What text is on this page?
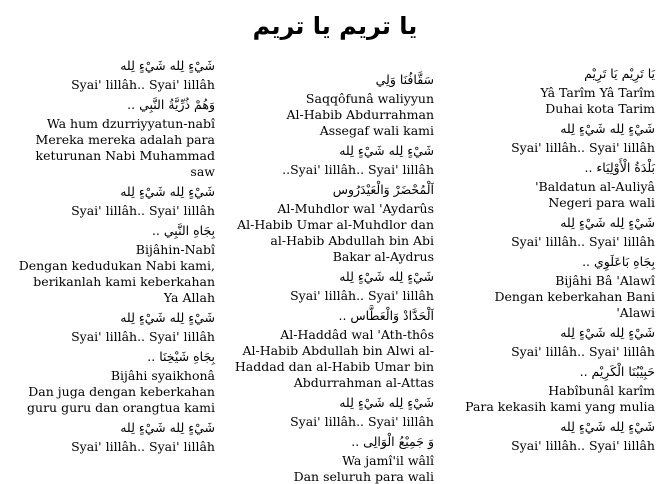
يا تريم يا تريم
شَيْءٍ لِله شَيْءٍ لِله
Syai' lillâh.. Syai' lillâh
وَهُمْ ذُرِّيَّةُ النَّبِي ..
Wa hum dzurriyyatun-nabî
Mereka mereka adalah para keturunan Nabi Muhammad saw
شَيْءٍ لِله شَيْءٍ لِله
Syai' lillâh.. Syai' lillâh
بِجَاهِ النَّبِي ..
Bijâhin-Nabî
Dengan kedudukan Nabi kami, berikanlah kami keberkahan Ya Allah
شَيْءٍ لِله شَيْءٍ لِله
Syai' lillâh.. Syai' lillâh
بِجَاهِ شَيْخِنَا ..
Bijâhi syaikhonâ
Dan juga dengan keberkahan guru guru dan orangtua kami
شَيْءٍ لِله شَيْءٍ لِله
Syai' lillâh.. Syai' lillâh
سَقَّافُنَا وَلِي
Saqqôfunâ waliyyun
Al-Habib Abdurrahman Assegaf wali kami
شَيْءٍ لِله شَيْءٍ لِله
..Syai' lillâh.. Syai' lillâh
اَلْمُحْضَرْ وَالْعَيْدَرُوس
Al-Muhdlor wal 'Aydarûs
Al-Habib Umar al-Muhdlor dan al-Habib Abdullah bin Abi Bakar al-Aydrus
شَيْءٍ لِله شَيْءٍ لِله
Syai' lillâh.. Syai' lillâh
اَلْحَدَّادْ وَالْعَطَّاس ..
Al-Haddâd wal 'Ath-thôs
Al-Habib Abdullah bin Alwi al-Haddad dan al-Habib Umar bin Abdurrahman al-Attas
شَيْءٍ لِله شَيْءٍ لِله
Syai' lillâh.. Syai' lillâh
وَ جَمِيْعُ الْوَالِى ..
Wa jamî'il wâlî
Dan seluruh para wali
يَا تَرِيْم يَا تَرِيْم
Yâ Tarîm Yâ Tarîm
Duhai kota Tarim
شَيْءٍ لِله شَيْءٍ لِله
Syai' lillâh.. Syai' lillâh
بَلْدَةُ الْأَوْلِيَاء ..
'Baldatun al-Auliyâ
Negeri para wali
شَيْءٍ لِله شَيْءٍ لِله
Syai' lillâh.. Syai' lillâh
بِجَاهِ بَاعَلَوِي ..
Bijâhi Bâ 'Alawî
Dengan keberkahan Bani 'Alawi
شَيْءٍ لِله شَيْءٍ لِله
Syai' lillâh.. Syai' lillâh
حَبِيْبُنَا الْكَرِيْم ..
Habîbunâl karîm
Para kekasih kami yang mulia
شَيْءٍ لِله شَيْءٍ لِله
Syai' lillâh.. Syai' lillâh
